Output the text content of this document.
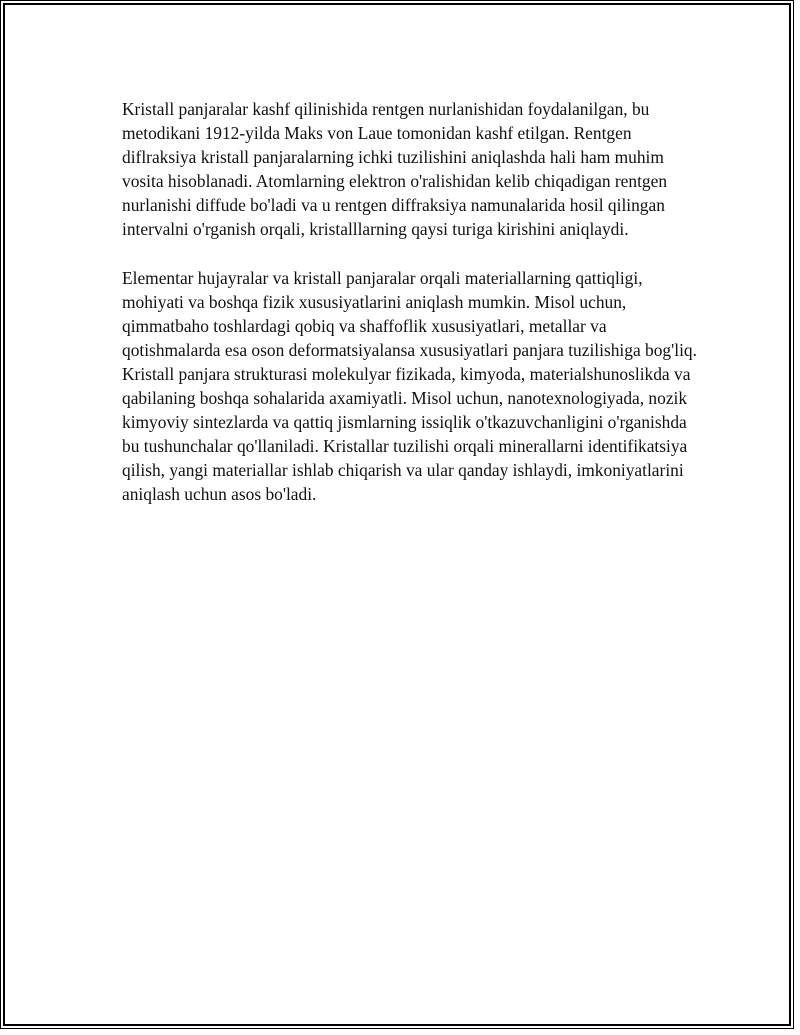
Kristall panjaralar kashf qilinishida rentgen nurlanishidan foydalanilgan, bu metodikani 1912-yilda Maks von Laue tomonidan kashf etilgan. Rentgen diflraksiya kristall panjaralarning ichki tuzilishini aniqlashda hali ham muhim vosita hisoblanadi. Atomlarning elektron o'ralishidan kelib chiqadigan rentgen nurlanishi diffude bo'ladi va u rentgen diffraksiya namunalarida hosil qilingan intervalni o'rganish orqali, kristalllarning qaysi turiga kirishini aniqlaydi.

Elementar hujayralar va kristall panjaralar orqali materiallarning qattiqligi, mohiyati va boshqa fizik xususiyatlarini aniqlash mumkin. Misol uchun, qimmatbaho toshlardagi qobiq va shaffoflik xususiyatlari, metallar va qotishmalarda esa oson deformatsiyalansa xususiyatlari panjara tuzilishiga bog'liq. Kristall panjara strukturasi molekulyar fizikada, kimyoda, materialshunoslikda va qabilaning boshqa sohalarida axamiyatli. Misol uchun, nanotexnologiyada, nozik kimyoviy sintezlarda va qattiq jismlarning issiqlik o'tkazuvchanligini o'rganishda bu tushunchalar qo'llaniladi. Kristallar tuzilishi orqali minerallarni identifikatsiya qilish, yangi materiallar ishlab chiqarish va ular qanday ishlaydi, imkoniyatlarini aniqlash uchun asos bo'ladi.
